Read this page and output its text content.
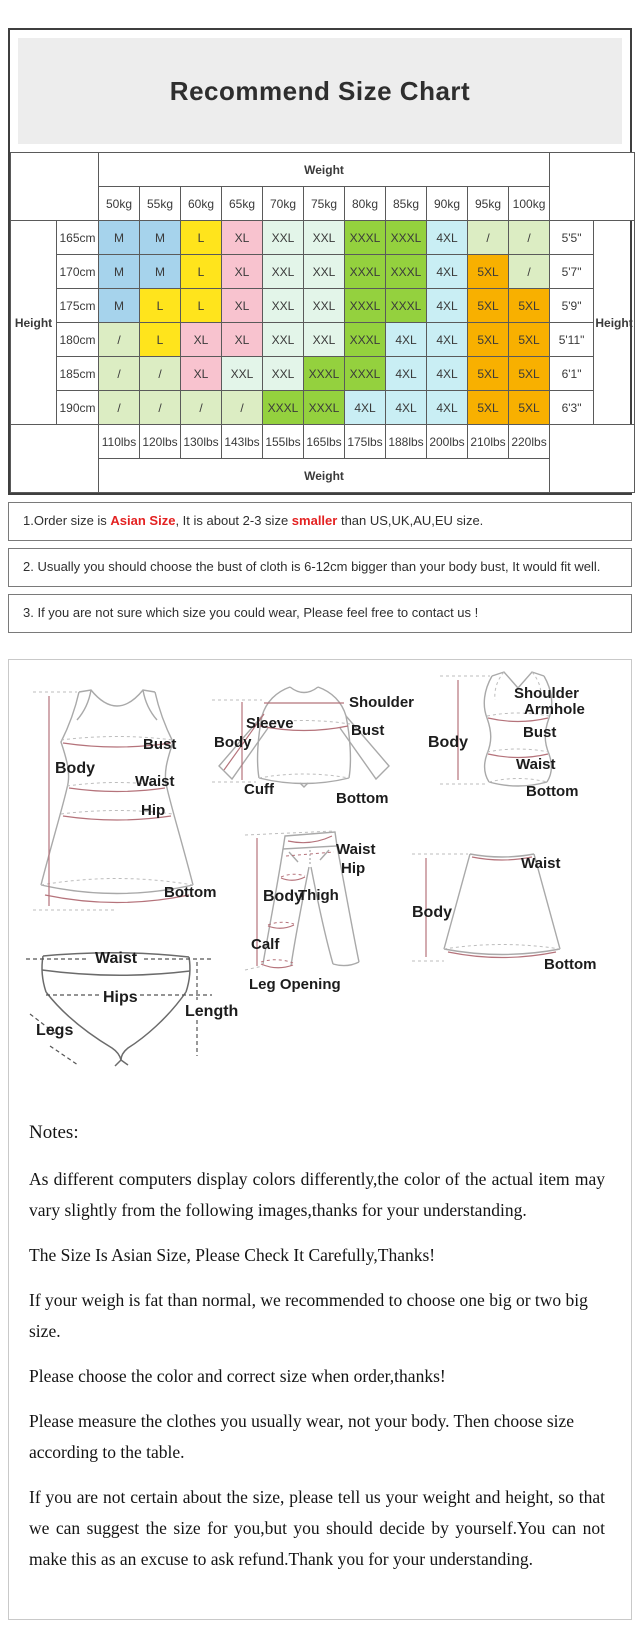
Recommend Size Chart
		Weight												
		50kg	55kg	60kg	65kg	70kg	75kg	80kg	85kg	90kg	95kg	100kg		
Height	165cm	M	M	L	XL	XXL	XXL	XXXL	XXXL	4XL	/	/	5'5"	Height
	170cm	M	M	L	XL	XXL	XXL	XXXL	XXXL	4XL	5XL	/	5'7"	
	175cm	M	L	L	XL	XXL	XXL	XXXL	XXXL	4XL	5XL	5XL	5'9"	
	180cm	/	L	XL	XL	XXL	XXL	XXXL	4XL	4XL	5XL	5XL	5'11"	
	185cm	/	/	XL	XXL	XXL	XXXL	XXXL	4XL	4XL	5XL	5XL	6'1"	
	190cm	/	/	/	/	XXXL	XXXL	4XL	4XL	4XL	5XL	5XL	6'3"	
		110lbs	120lbs	130lbs	143lbs	155lbs	165lbs	175lbs	188lbs	200lbs	210lbs	220lbs		
		Weight												
1.Order size is Asian Size, It is about 2-3 size smaller than US,UK,AU,EU size.
2. Usually you should choose the bust of cloth is 6-12cm bigger than your body bust, It would fit well.
3. If you are not sure which size you could wear, Please feel free to contact us !
Body
Bust
Waist
Hip
Bottom
Shoulder
Sleeve
Body
Bust
Cuff
Bottom
Shoulder
Armhole
Body
Bust
Waist
Bottom
Waist
Hip
Body
Thigh
Calf
Leg Opening
Waist
Body
Bottom
Waist
Hips
Legs
Length

Notes:

As different computers display colors differently,the color of the actual item may vary slightly from the following images,thanks for your understanding.

The Size Is Asian Size, Please Check It Carefully,Thanks!

If your weigh is fat than normal, we recommended to choose one big or two big size.

Please choose the color and correct size when order,thanks!

Please measure the clothes you usually wear, not your body. Then choose size according to the table.

If you are not certain about the size, please tell us your weight and height, so that we can suggest the size for you,but you should decide by yourself.You can not make this as an excuse to ask refund.Thank you for your understanding.
